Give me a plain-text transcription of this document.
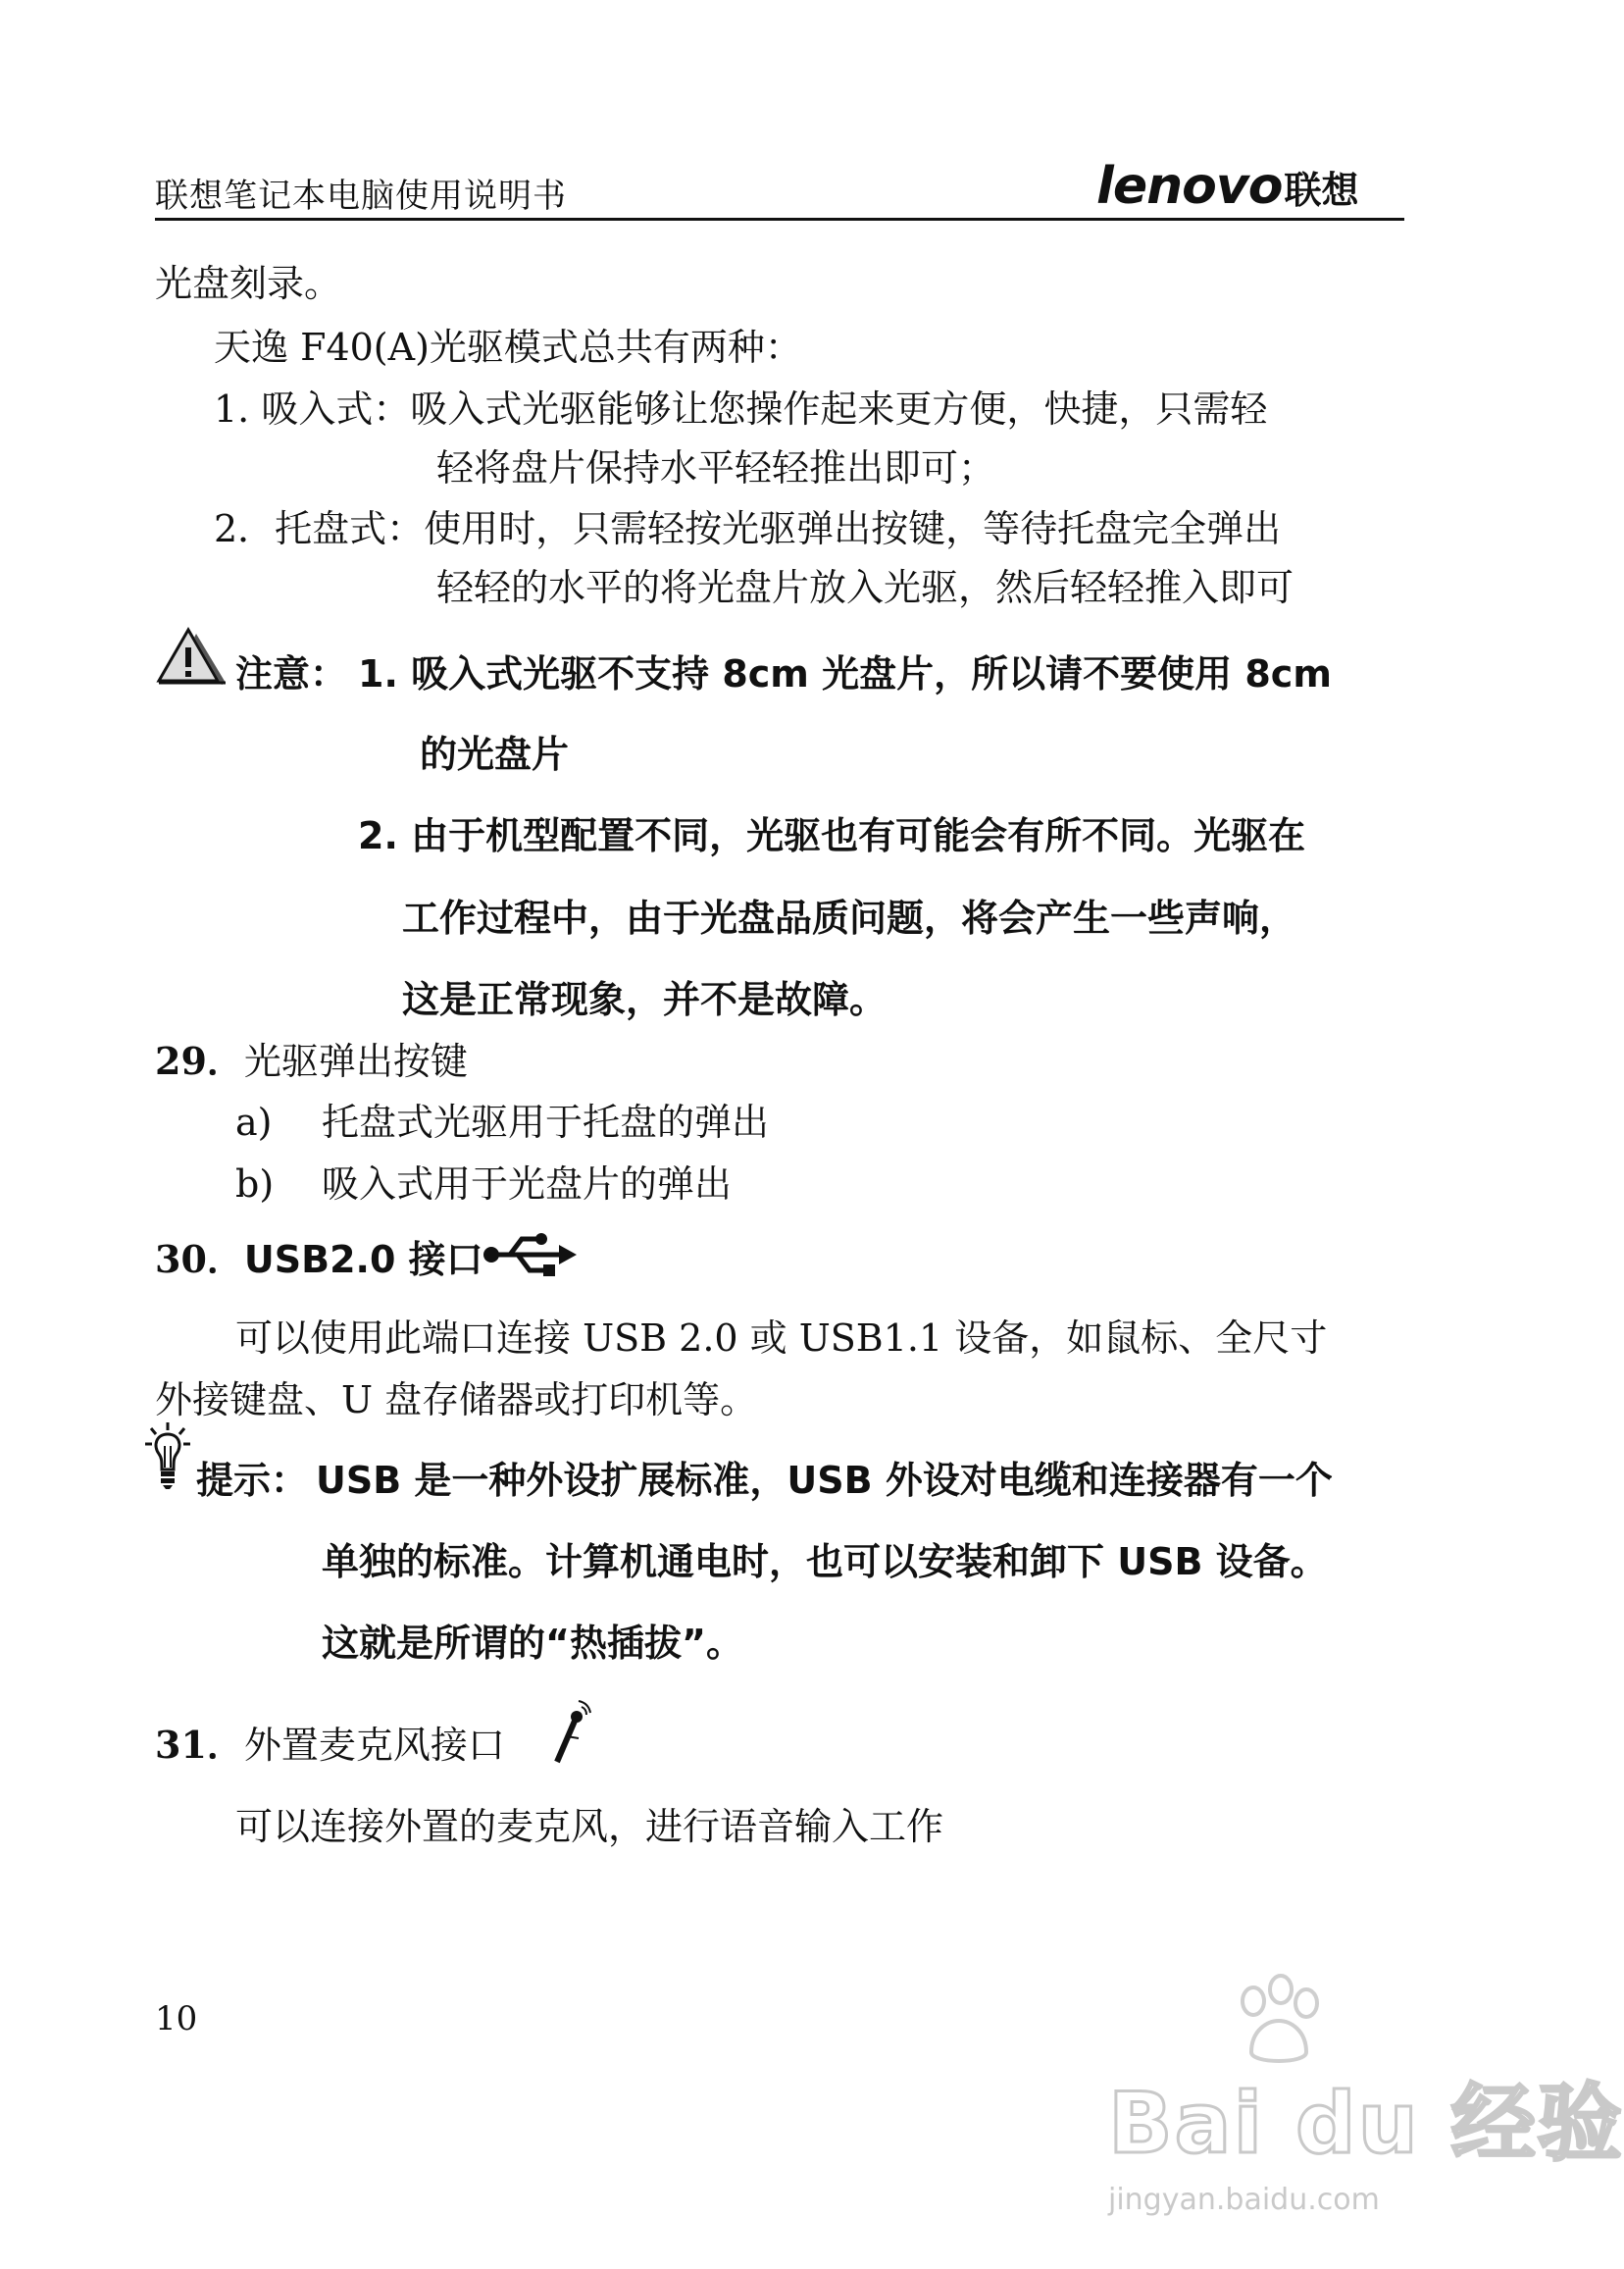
联想笔记本电脑使用说明书	lenovo联想
光盘刻录。
天逸 F40(A)光驱模式总共有两种：
1. 吸入式：吸入式光驱能够让您操作起来更方便，快捷，只需轻
轻将盘片保持水平轻轻推出即可；
2．托盘式：使用时，只需轻按光驱弹出按键，等待托盘完全弹出
轻轻的水平的将光盘片放入光驱，然后轻轻推入即可
注意： 1. 吸入式光驱不支持 8cm 光盘片，所以请不要使用 8cm
的光盘片
2. 由于机型配置不同，光驱也有可能会有所不同。光驱在
工作过程中，由于光盘品质问题，将会产生一些声响，
这是正常现象，并不是故障。
29．光驱弹出按键
a) 托盘式光驱用于托盘的弹出
b) 吸入式用于光盘片的弹出
30．USB2.0 接口
可以使用此端口连接 USB 2.0 或 USB1.1 设备，如鼠标、全尺寸
外接键盘、U 盘存储器或打印机等。
提示： USB 是一种外设扩展标准，USB 外设对电缆和连接器有一个
单独的标准。计算机通电时，也可以安装和卸下 USB 设备。
这就是所谓的“热插拔”。
31．外置麦克风接口
可以连接外置的麦克风，进行语音输入工作
10
Bai du 经验
jingyan.baidu.com
